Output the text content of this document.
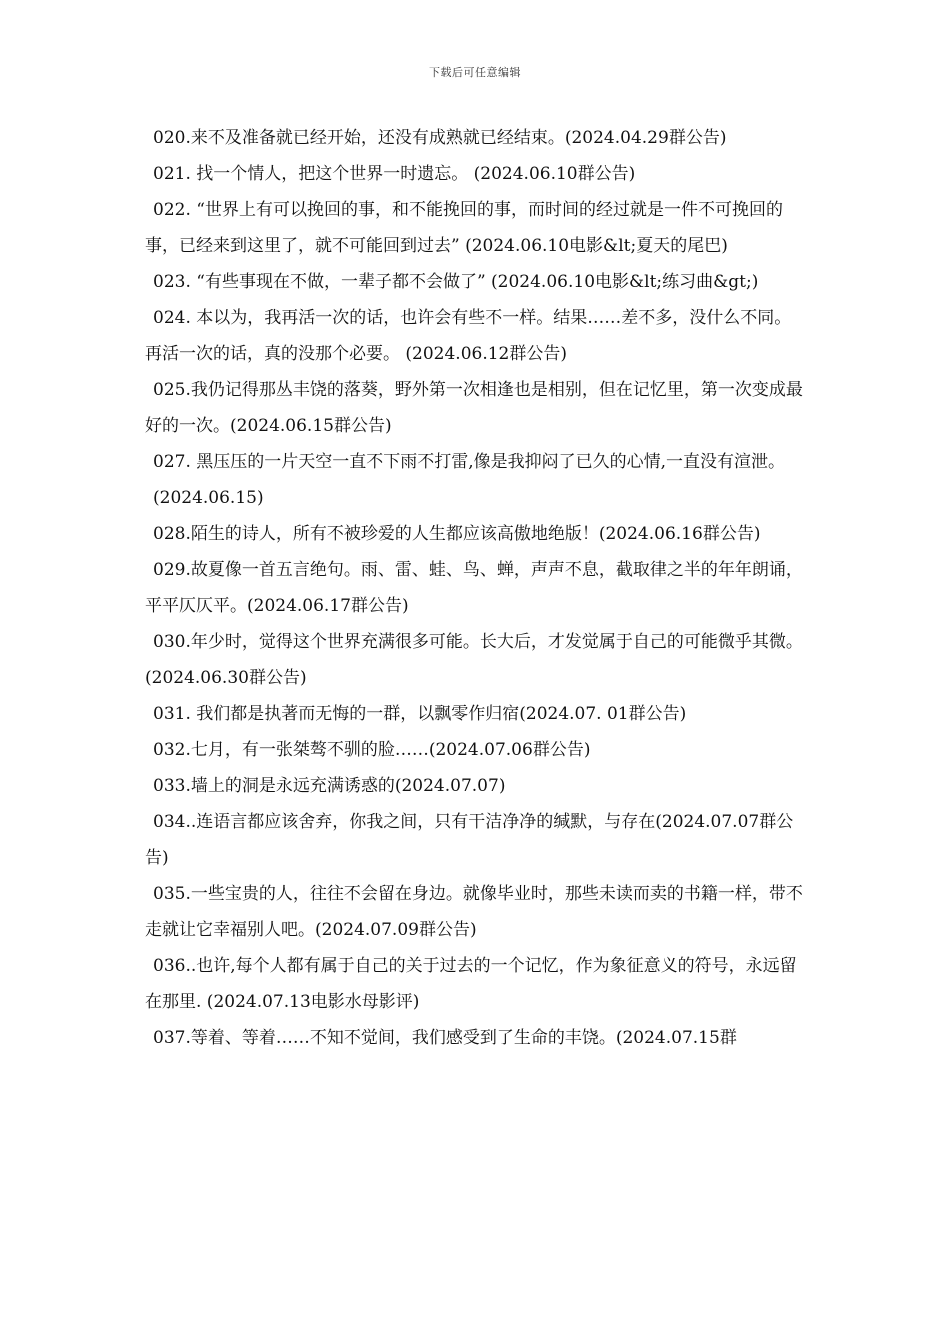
下载后可任意编辑

020.来不及准备就已经开始，还没有成熟就已经结束。(2024.04.29群公告)

021. 找一个情人，把这个世界一时遗忘。 (2024.06.10群公告)

022. “世界上有可以挽回的事，和不能挽回的事，而时间的经过就是一件不可挽回的事，已经来到这里了，就不可能回到过去” (2024.06.10电影&lt;夏天的尾巴)

023. “有些事现在不做，一辈子都不会做了” (2024.06.10电影&lt;练习曲&gt;)

024. 本以为，我再活一次的话，也许会有些不一样。结果……差不多，没什么不同。再活一次的话，真的没那个必要。 (2024.06.12群公告)

025.我仍记得那丛丰饶的落葵，野外第一次相逢也是相别，但在记忆里，第一次变成最好的一次。(2024.06.15群公告)

027. 黑压压的一片天空一直不下雨不打雷,像是我抑闷了已久的心情,一直没有渲泄。

(2024.06.15)

028.陌生的诗人，所有不被珍爱的人生都应该高傲地绝版！(2024.06.16群公告)

029.故夏像一首五言绝句。雨、雷、蛙、鸟、蝉，声声不息，截取律之半的年年朗诵，平平仄仄平。(2024.06.17群公告)

030.年少时，觉得这个世界充满很多可能。长大后，才发觉属于自己的可能微乎其微。(2024.06.30群公告)

031. 我们都是执著而无悔的一群，以飘零作归宿(2024.07. 01群公告)

032.七月，有一张桀骜不驯的脸……(2024.07.06群公告)

033.墙上的洞是永远充满诱惑的(2024.07.07)

034..连语言都应该舍弃，你我之间，只有干洁净净的缄默，与存在(2024.07.07群公告)

035.一些宝贵的人，往往不会留在身边。就像毕业时，那些未读而卖的书籍一样，带不走就让它幸福别人吧。(2024.07.09群公告)

036..也许,每个人都有属于自己的关于过去的一个记忆，作为象征意义的符号，永远留在那里. (2024.07.13电影水母影评)

037.等着、等着……不知不觉间，我们感受到了生命的丰饶。(2024.07.15群
